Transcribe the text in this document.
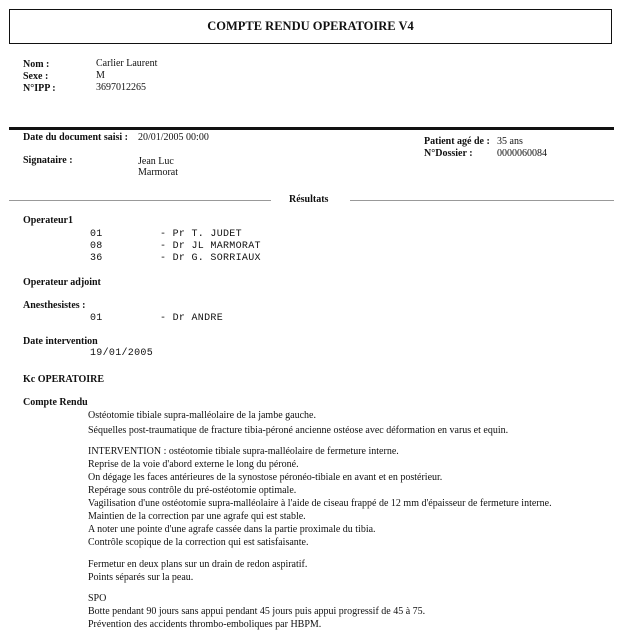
COMPTE RENDU OPERATOIRE V4
Nom :	Carlier Laurent
Sexe :	M
N°IPP :	3697012265
Date du document saisi : 20/01/2005 00:00	Patient agé de : 35 ans
N°Dossier : 0000060084
Signataire :	Jean Luc
Marmorat
Résultats
Operateur1
01	- Pr T. JUDET
08	- Dr JL MARMORAT
36	- Dr G. SORRIAUX
Operateur adjoint
Anesthesistes :
01	- Dr ANDRE
Date intervention
19/01/2005
Kc OPERATOIRE
Compte Rendu
Ostéotomie tibiale supra-malléolaire de la jambe gauche.
Séquelles post-traumatique de fracture tibia-péroné ancienne ostéose avec déformation en varus et equin.
INTERVENTION : ostéotomie tibiale supra-malléolaire de fermeture interne.
Reprise de la voie d'abord externe le long du péroné.
On dégage les faces antérieures de la synostose péronéo-tibiale en avant et en postérieur.
Repérage sous contrôle du pré-ostéotomie optimale.
Vagilisation d'une ostéotomie supra-malléolaire à l'aide de ciseau frappé de 12 mm d'épaisseur de fermeture interne.
Maintien de la correction par une agrafe qui est stable.
A noter une pointe d'une agrafe cassée dans la partie proximale du tibia.
Contrôle scopique de la correction qui est satisfaisante.
Fermetur en deux plans sur un drain de redon aspiratif.
Points séparés sur la peau.
SPO
Botte pendant 90 jours sans appui pendant 45 jours puis appui progressif de 45 à 75.
Prévention des accidents thrombo-emboliques par HBPM.
